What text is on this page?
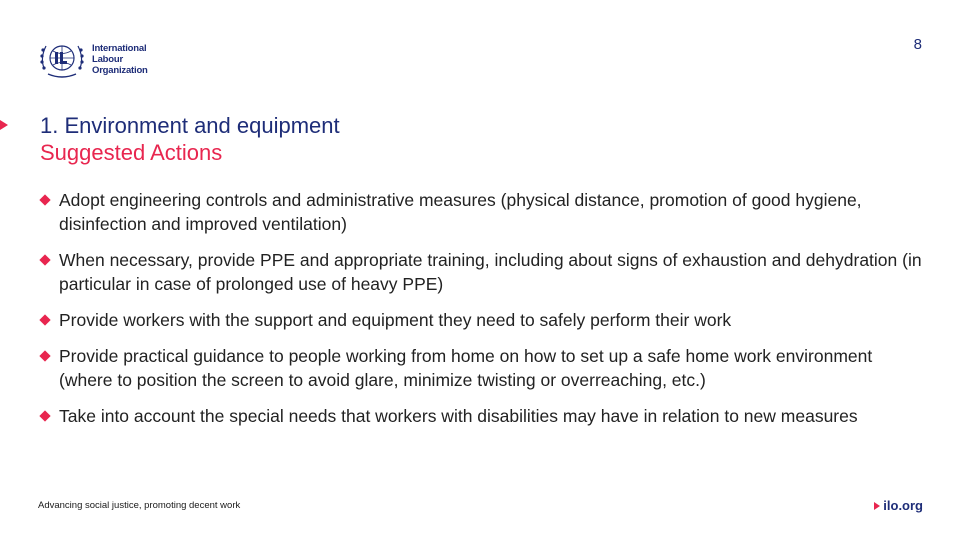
8
International
Labour
Organization
1. Environment and equipment
Suggested Actions
Adopt engineering controls and administrative measures (physical distance, promotion of good hygiene, disinfection and improved ventilation)
When necessary, provide PPE and appropriate training, including about signs of exhaustion and dehydration (in particular in case of prolonged use of heavy PPE)
Provide workers with the support and equipment they need to safely perform their work
Provide practical guidance to people working from home on how to set up a safe home work environment (where to position the screen to avoid glare, minimize twisting or overreaching, etc.)
Take into account the special needs that workers with disabilities may have in relation to new measures
Advancing social justice, promoting decent work	ilo.org
